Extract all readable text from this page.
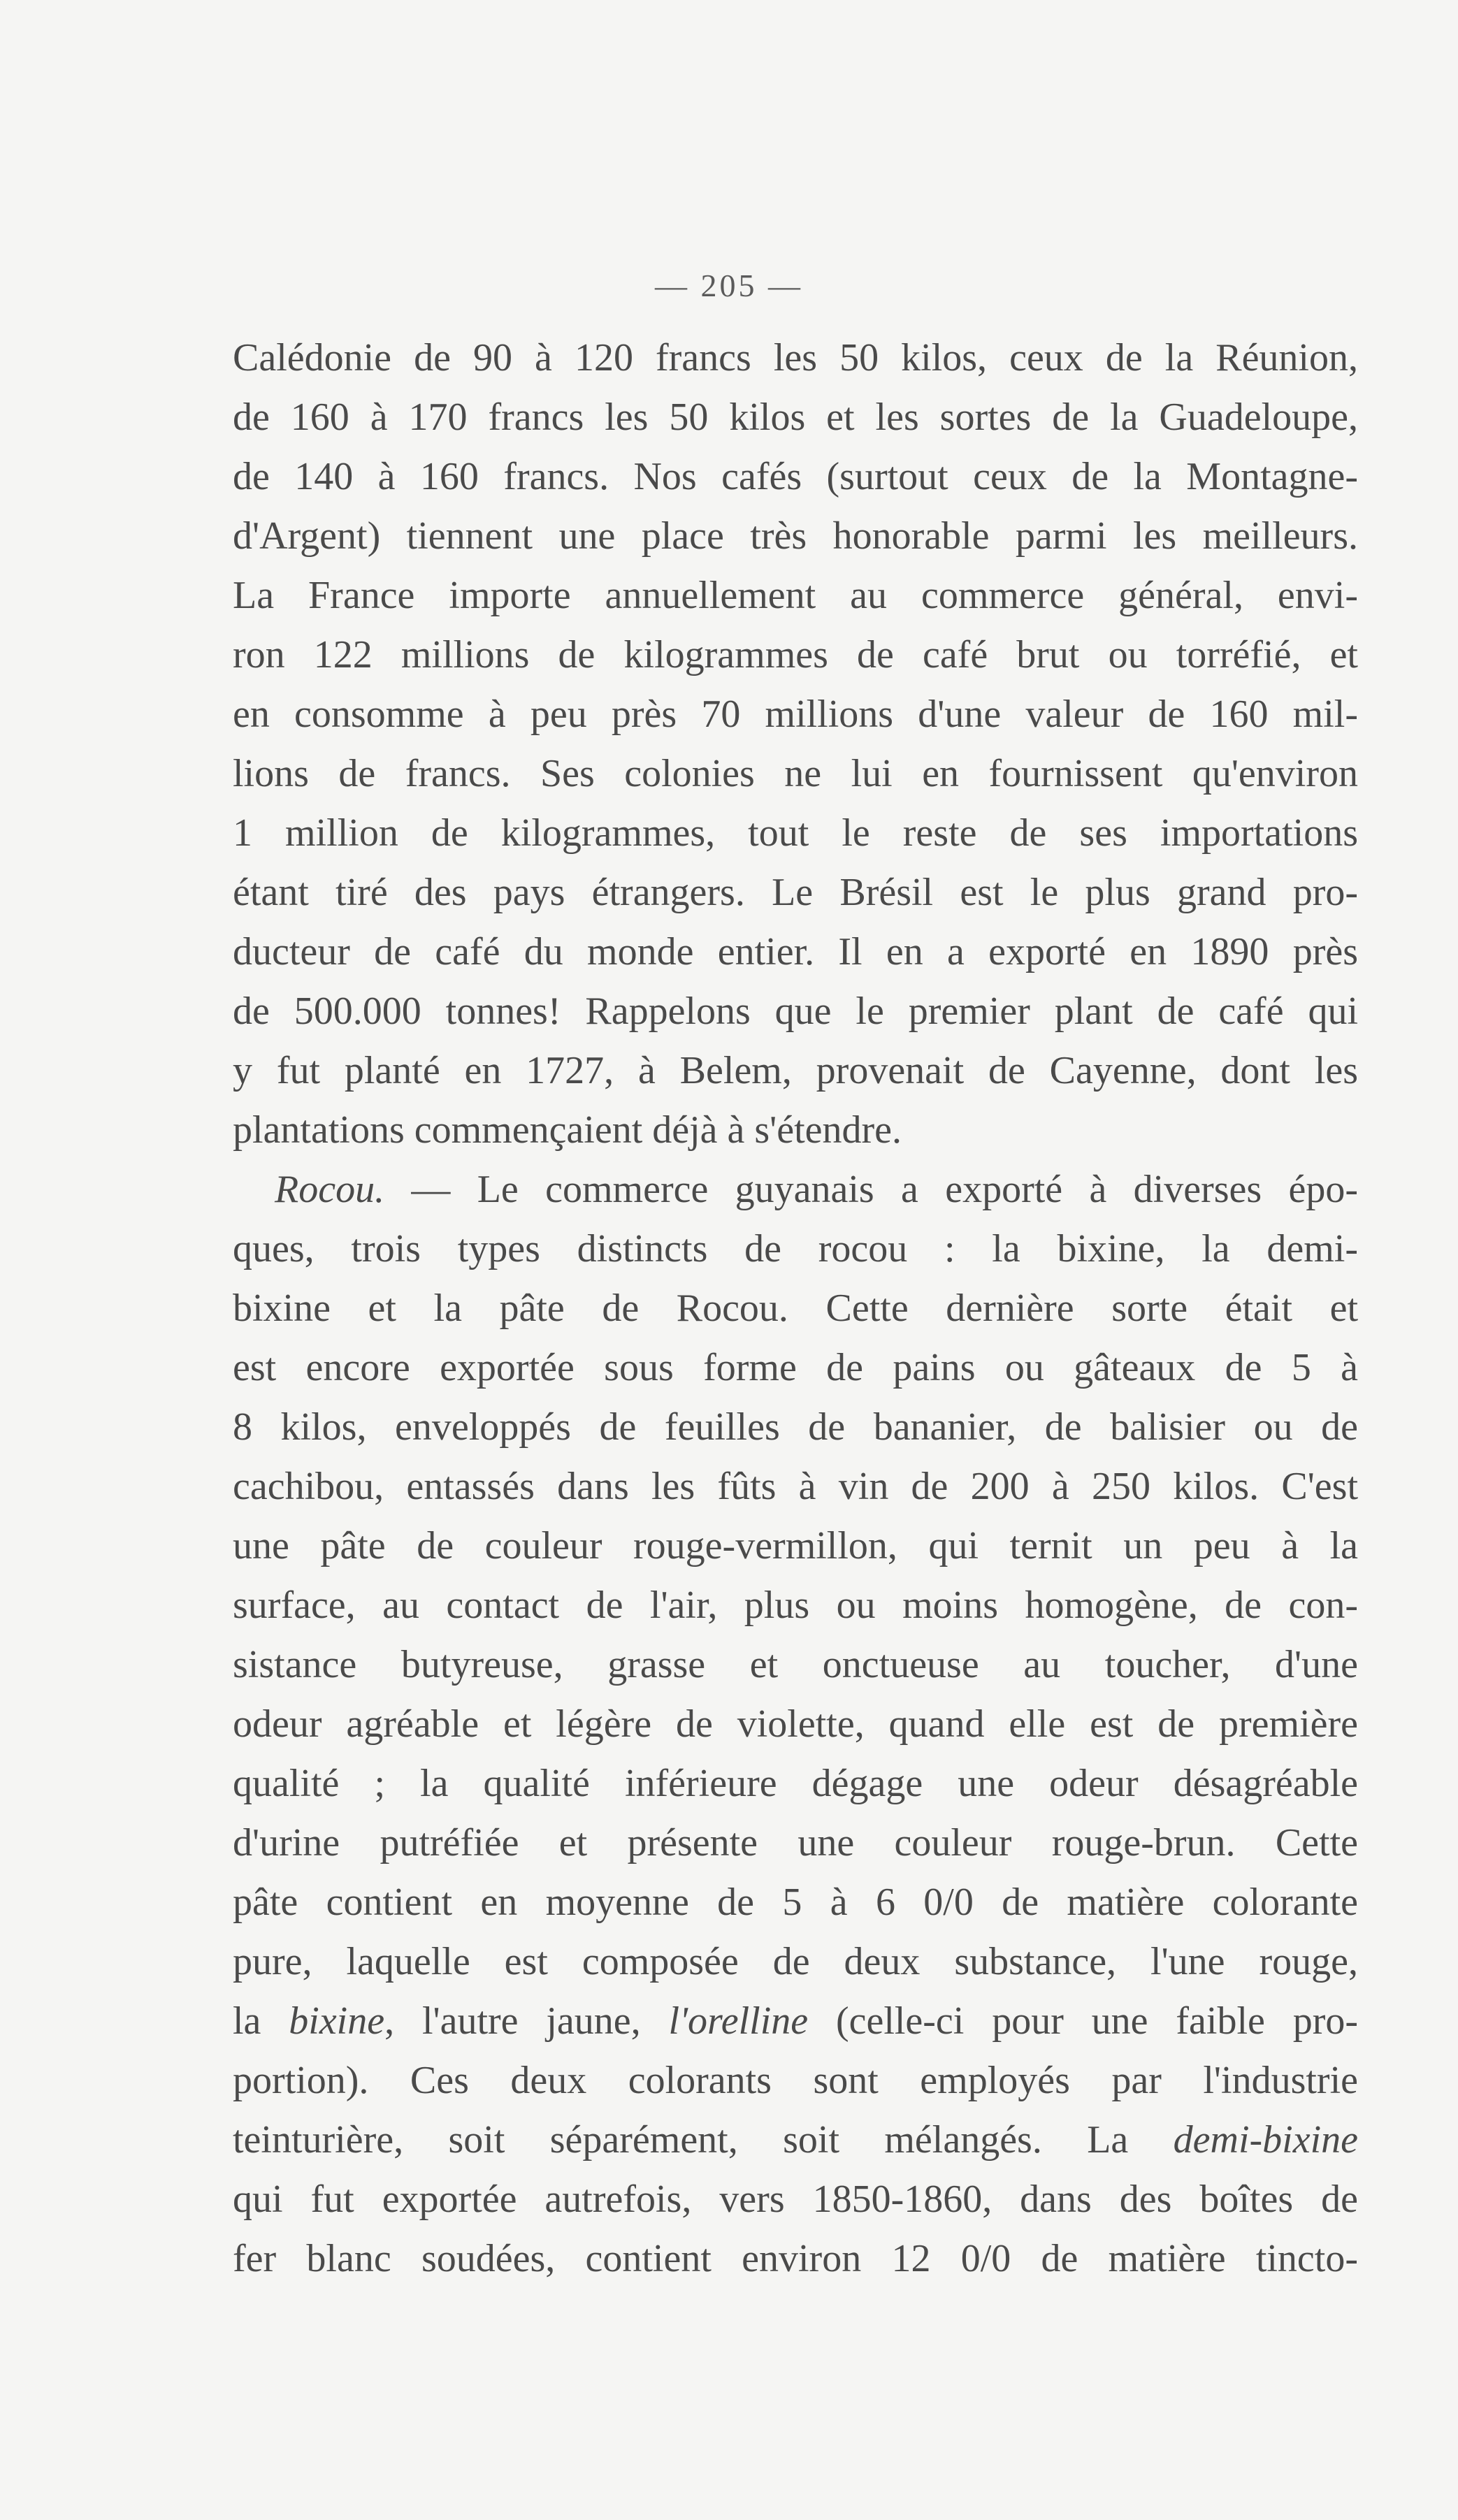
— 205 —
Calédonie de 90 à 120 francs les 50 kilos, ceux de la Réunion,
de 160 à 170 francs les 50 kilos et les sortes de la Guadeloupe,
de 140 à 160 francs. Nos cafés (surtout ceux de la Montagne-
d'Argent) tiennent une place très honorable parmi les meilleurs.
La France importe annuellement au commerce général, envi-
ron 122 millions de kilogrammes de café brut ou torréfié, et
en consomme à peu près 70 millions d'une valeur de 160 mil-
lions de francs. Ses colonies ne lui en fournissent qu'environ
1 million de kilogrammes, tout le reste de ses importations
étant tiré des pays étrangers. Le Brésil est le plus grand pro-
ducteur de café du monde entier. Il en a exporté en 1890 près
de 500.000 tonnes! Rappelons que le premier plant de café qui
y fut planté en 1727, à Belem, provenait de Cayenne, dont les
plantations commençaient déjà à s'étendre.
Rocou. — Le commerce guyanais a exporté à diverses épo-
ques, trois types distincts de rocou : la bixine, la demi-
bixine et la pâte de Rocou. Cette dernière sorte était et
est encore exportée sous forme de pains ou gâteaux de 5 à
8 kilos, enveloppés de feuilles de bananier, de balisier ou de
cachibou, entassés dans les fûts à vin de 200 à 250 kilos. C'est
une pâte de couleur rouge-vermillon, qui ternit un peu à la
surface, au contact de l'air, plus ou moins homogène, de con-
sistance butyreuse, grasse et onctueuse au toucher, d'une
odeur agréable et légère de violette, quand elle est de première
qualité ; la qualité inférieure dégage une odeur désagréable
d'urine putréfiée et présente une couleur rouge-brun. Cette
pâte contient en moyenne de 5 à 6 0/0 de matière colorante
pure, laquelle est composée de deux substance, l'une rouge,
la bixine, l'autre jaune, l'orelline (celle-ci pour une faible pro-
portion). Ces deux colorants sont employés par l'industrie
teinturière, soit séparément, soit mélangés. La demi-bixine
qui fut exportée autrefois, vers 1850-1860, dans des boîtes de
fer blanc soudées, contient environ 12 0/0 de matière tincto-
